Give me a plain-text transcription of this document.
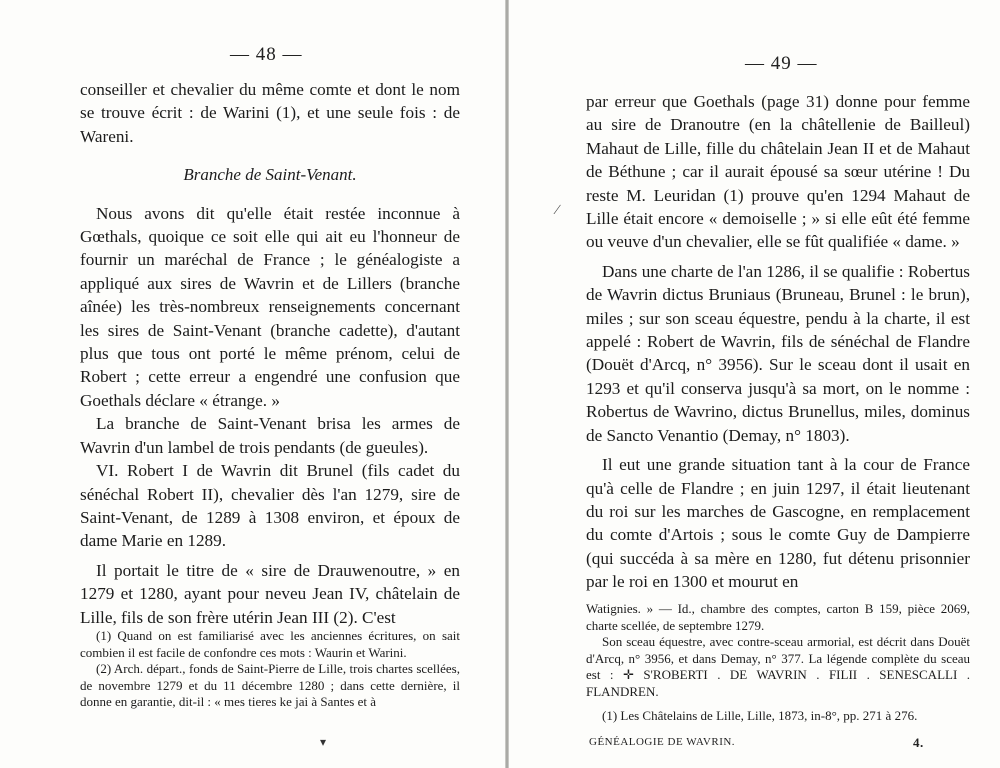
— 48 —

conseiller et chevalier du même comte et dont le nom se trouve écrit : de Warini (1), et une seule fois : de Wareni.

Branche de Saint-Venant.

Nous avons dit qu'elle était restée inconnue à Gœthals, quoique ce soit elle qui ait eu l'honneur de fournir un maréchal de France ; le généalogiste a appliqué aux sires de Wavrin et de Lillers (branche aînée) les très-nombreux renseignements concernant les sires de Saint-Venant (branche cadette), d'autant plus que tous ont porté le même prénom, celui de Robert ; cette erreur a engendré une confusion que Goethals déclare « étrange. »

La branche de Saint-Venant brisa les armes de Wavrin d'un lambel de trois pendants (de gueules).

VI. Robert I de Wavrin dit Brunel (fils cadet du sénéchal Robert II), chevalier dès l'an 1279, sire de Saint-Venant, de 1289 à 1308 environ, et époux de dame Marie en 1289.

Il portait le titre de « sire de Drauwenoutre, » en 1279 et 1280, ayant pour neveu Jean IV, châtelain de Lille, fils de son frère utérin Jean III (2). C'est

(1) Quand on est familiarisé avec les anciennes écritures, on sait combien il est facile de confondre ces mots : Waurin et Warini.

(2) Arch. départ., fonds de Saint-Pierre de Lille, trois chartes scellées, de novembre 1279 et du 11 décembre 1280 ; dans cette dernière, il donne en garantie, dit-il : « mes tieres ke jai à Santes et à

▾
— 49 —
∕

par erreur que Goethals (page 31) donne pour femme au sire de Dranoutre (en la châtellenie de Bailleul) Mahaut de Lille, fille du châtelain Jean II et de Mahaut de Béthune ; car il aurait épousé sa sœur utérine ! Du reste M. Leuridan (1) prouve qu'en 1294 Mahaut de Lille était encore « demoiselle ; » si elle eût été femme ou veuve d'un chevalier, elle se fût qualifiée « dame. »

Dans une charte de l'an 1286, il se qualifie : Robertus de Wavrin dictus Bruniaus (Bruneau, Brunel : le brun), miles ; sur son sceau équestre, pendu à la charte, il est appelé : Robert de Wavrin, fils de sénéchal de Flandre (Douët d'Arcq, n° 3956). Sur le sceau dont il usait en 1293 et qu'il conserva jusqu'à sa mort, on le nomme : Robertus de Wavrino, dictus Brunellus, miles, dominus de Sancto Venantio (Demay, n° 1803).

Il eut une grande situation tant à la cour de France qu'à celle de Flandre ; en juin 1297, il était lieutenant du roi sur les marches de Gascogne, en remplacement du comte d'Artois ; sous le comte Guy de Dampierre (qui succéda à sa mère en 1280, fut détenu prisonnier par le roi en 1300 et mourut en

Watignies. » — Id., chambre des comptes, carton B 159, pièce 2069, charte scellée, de septembre 1279.

Son sceau équestre, avec contre-sceau armorial, est décrit dans Douët d'Arcq, n° 3956, et dans Demay, n° 377. La légende complète du sceau est : ✛ S'ROBERTI . DE WAVRIN . FILII . SENESCALLI . FLANDREN.

(1) Les Châtelains de Lille, Lille, 1873, in-8°, pp. 271 à 276.

GÉNÉALOGIE DE WAVRIN.	4.
